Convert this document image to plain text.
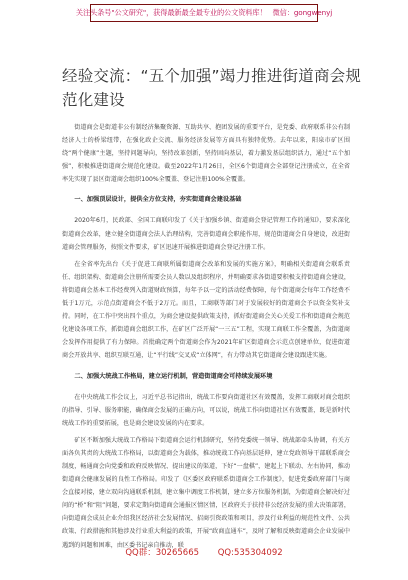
关注头条号"公文研究"，获得最新最全最专业的公文资料库！ 微信：gongwenyj
经验交流：“五个加强”竭力推进街道商会规范化建设

街道商会是街道非公有制经济集聚资源、互助共享、抱团发展的重要平台，是党委、政府联系非公有制经济人士的桥梁纽带，在强化政企交流、服务经济发展等方面具有独特优势。去年以来，阳泉市矿区围绕“两个健康”主题，坚持问题导向，坚持改革创新，坚持固向基层，着力激发基层组织活力，通过“五个加强”，积极推进街道商会规范化建设。截至2022年1月26日，全区6个街道商会全部登记注册成立，在全省率先实现了县区街道商会组织100%全覆盖、登记注册100%全覆盖。

一、加强顶层设计，提供全方位支持，夯实街道商会建设基础

2020年6月，民政部、全国工商联印发了《关于加强乡镇、街道商会登记管理工作的通知》，要求深化街道商会改革，建立健全街道商会法人治理结构，完善街道商会职能作用，规范街道商会自身建设，改进街道商会管理服务，按照文件要求，矿区迅速开展推进街道商会登记注册工作。

在全省率先出台《关于促进工商联所属街道商会改革和发展的实施方案》，明确相关街道商会联系责任、组织架构、街道商会注册所需要会员人数以及组织程序，并明确要求各街道要积极支持街道商会建设，将街道商会基本工作经费列入街道财政预算，每年予以一定的活动经费保障，每个街道商会每年工作经费不低于1万元，示范点街道商会不低于2万元。而且，工商联等部门对于发展较好的街道商会予以资金奖补支持。同时，在工作中突出四个重点，为商会建设提供政策支持，抓好街道商会关心关爱工作和街道商会规范化建设各项工作，抓街道商会组织工作，在矿区广泛开展“一三五”工程，实现工商联工作全覆盖，为街道商会发挥作用提供了有力保障。首批确定两个街道商会作为2021年矿区街道商会示范点创建单位，促进街道商会开放共享、组织互联互通，让“平行线”交叉成“立体网”，有力带动其它街道商会建设跟进实施。

二、加强大统战工作格局，建立运行机制，营造街道商会可持续发展环境

在中央统战工作会议上，习近平总书记指出，统战工作要向街道社区有效覆盖，发挥工商联对商会组织的指导、引导、服务职能，确保商会发展的正确方向，可以说，统战工作向街道社区有效覆盖，既是新时代统战工作的重要拓展，也是商会建设发展的内在要求。

矿区不断加强大统战工作格局下街道商会运行机制研究，坚持党委统一领导、统战部牵头协调，有关方面各负其责的大统战工作格局，以街道商会为载体，推动统战工作向基层延伸，建立党政领导干部联系商会制度，畅通商会向党委和政府反映情况、提出建议的渠道，下好“一盘棋”，建起上下联动、左右协同，推动街道商会健康发展的良性工作格局。印发了《区委区政府联系街道商会工作制度》，促进党委政府部门与商会直接对接，建立双向沟通联系机制，建立集中调度工作机制，建立多方位服务机制，为街道商会解决好过问的“桥”和“阻”问题，要求定期向街道商会通报区情区情，区政府关于扶持非公经济发展的重大决策部署，向街道商会成员企业介绍我区经济社会发展情况、招商引资政策和项目，涉及行业利益的规范性文件、公共政策、行政措施和其他涉及行业重大利益的政策，开展“政商直通车”，及时了解和反映街道商会企业发展中遇到的问题和困难，由区委书记亲自推动，联

QQ群：30265665 QQ:535304092
